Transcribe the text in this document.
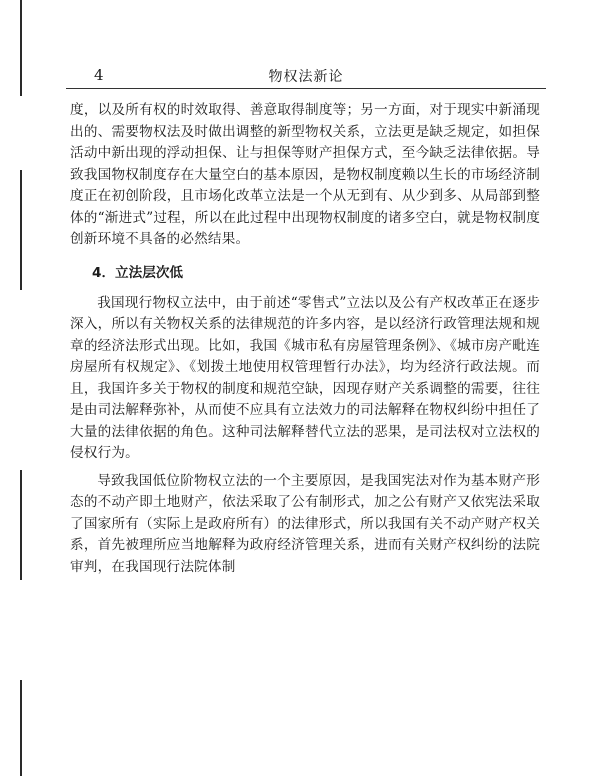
4	物权法新论

度，以及所有权的时效取得、善意取得制度等；另一方面，对于现实中新涌现出的、需要物权法及时做出调整的新型物权关系，立法更是缺乏规定，如担保活动中新出现的浮动担保、让与担保等财产担保方式，至今缺乏法律依据。导致我国物权制度存在大量空白的基本原因，是物权制度赖以生长的市场经济制度正在初创阶段，且市场化改革立法是一个从无到有、从少到多、从局部到整体的“渐进式”过程，所以在此过程中出现物权制度的诸多空白，就是物权制度创新环境不具备的必然结果。

4．立法层次低

我国现行物权立法中，由于前述“零售式”立法以及公有产权改革正在逐步深入，所以有关物权关系的法律规范的许多内容，是以经济行政管理法规和规章的经济法形式出现。比如，我国《城市私有房屋管理条例》、《城市房产毗连房屋所有权规定》、《划拨土地使用权管理暂行办法》，均为经济行政法规。而且，我国许多关于物权的制度和规范空缺，因现存财产关系调整的需要，往往是由司法解释弥补，从而使不应具有立法效力的司法解释在物权纠纷中担任了大量的法律依据的角色。这种司法解释替代立法的恶果，是司法权对立法权的侵权行为。

导致我国低位阶物权立法的一个主要原因，是我国宪法对作为基本财产形态的不动产即土地财产，依法采取了公有制形式，加之公有财产又依宪法采取了国家所有（实际上是政府所有）的法律形式，所以我国有关不动产财产权关系，首先被理所应当地解释为政府经济管理关系，进而有关财产权纠纷的法院审判，在我国现行法院体制
